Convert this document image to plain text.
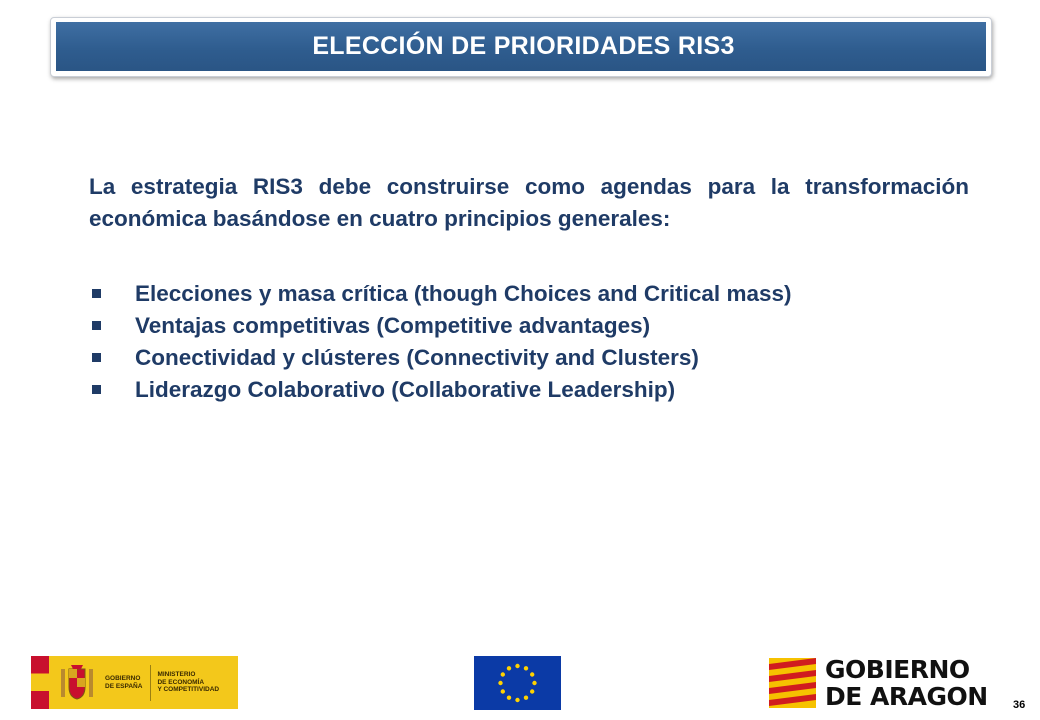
ELECCIÓN DE PRIORIDADES RIS3

La estrategia RIS3 debe construirse como agendas para la transformación económica basándose en cuatro principios generales:

Elecciones y masa crítica (though Choices and Critical mass)
Ventajas competitivas (Competitive advantages)
Conectividad y clústeres (Connectivity and Clusters)
Liderazgo Colaborativo (Collaborative Leadership)
GOBIERNO
DE ESPAÑA
MINISTERIO
DE ECONOMÍA
Y COMPETITIVIDAD
GOBIERNO
DE ARAGON 36
